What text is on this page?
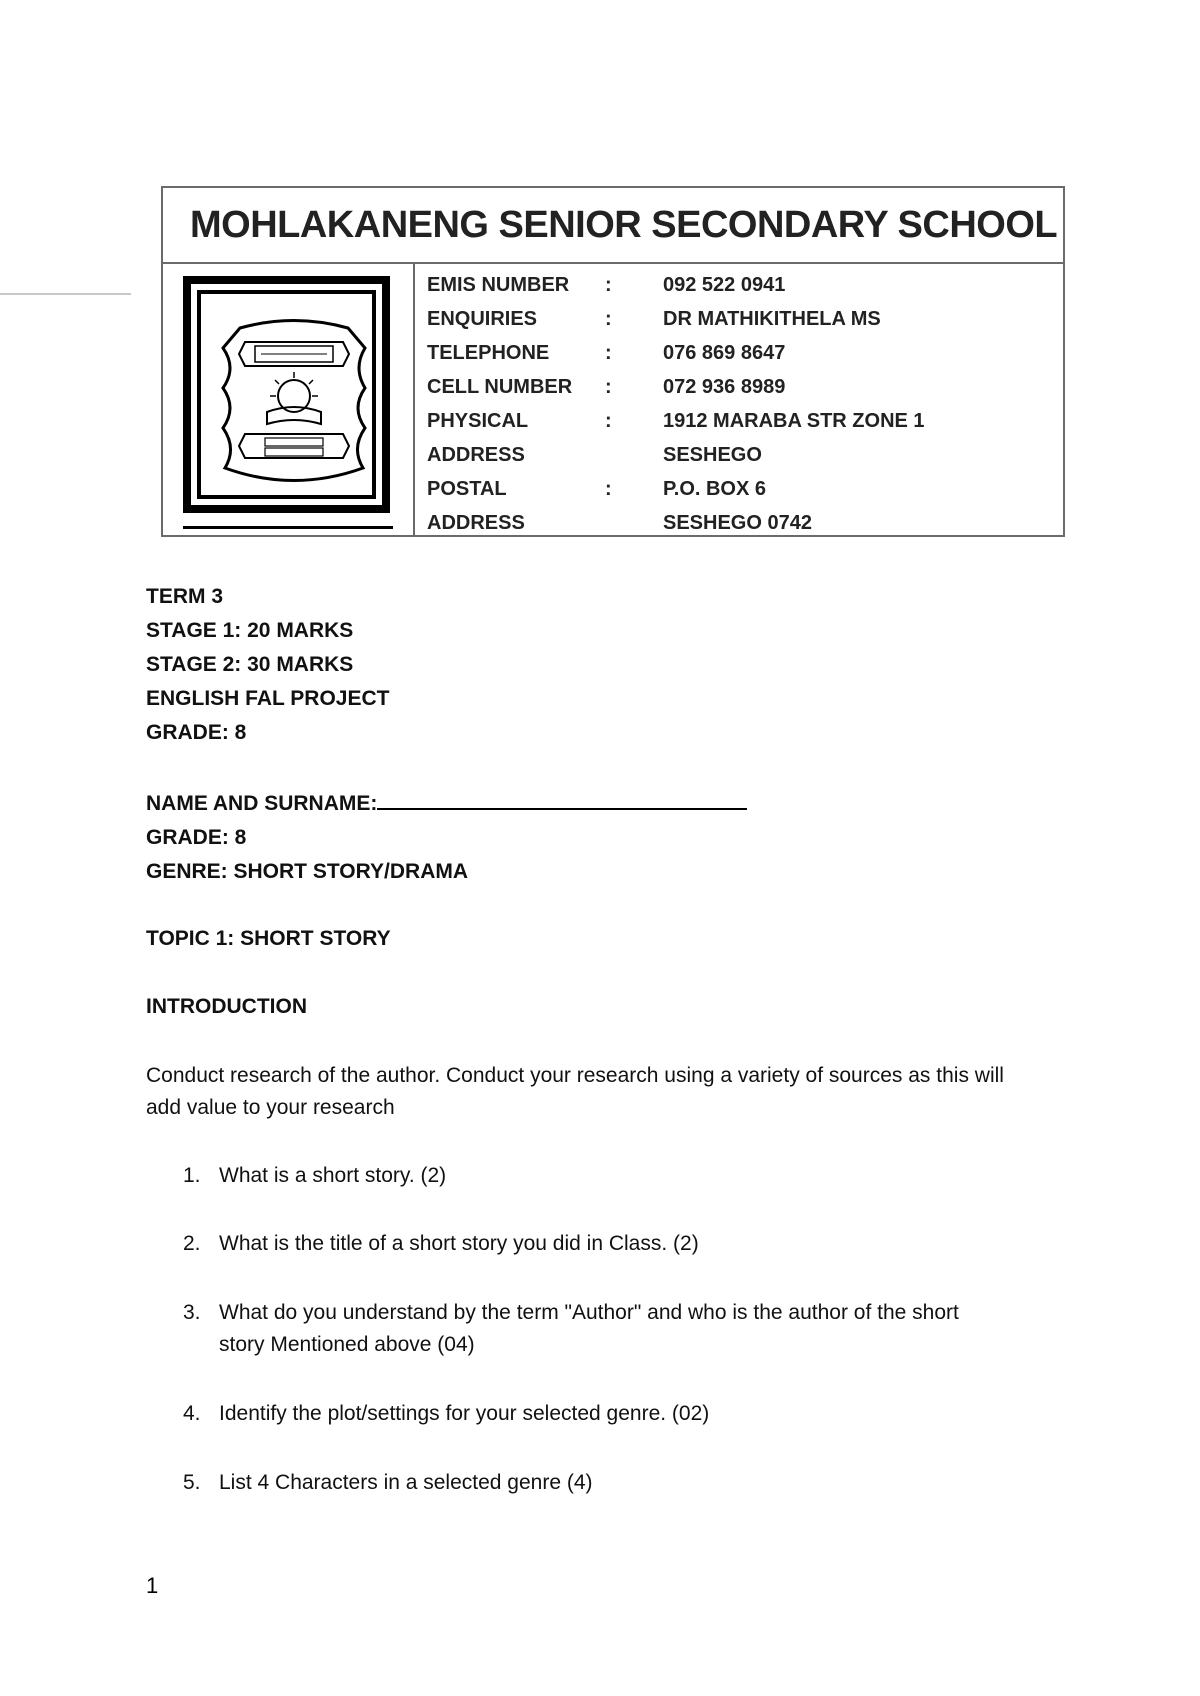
MOHLAKANENG SENIOR SECONDARY SCHOOL
EMIS NUMBER :	092 522 0941
ENQUIRIES	:	DR MATHIKITHELA MS
TELEPHONE	:	076 869 8647
CELL NUMBER :	072 936 8989
PHYSICAL	:	1912 MARABA STR ZONE 1
ADDRESS	SESHEGO
POSTAL	:	P.O. BOX 6
ADDRESS	SESHEGO 0742
TERM 3
STAGE 1: 20 MARKS
STAGE 2: 30 MARKS
ENGLISH FAL PROJECT
GRADE: 8
NAME AND SURNAME:
GRADE: 8
GENRE: SHORT STORY/DRAMA
TOPIC 1: SHORT STORY
INTRODUCTION
Conduct research of the author. Conduct your research using a variety of sources as this will add value to your research
1. What is a short story. (2)
2. What is the title of a short story you did in Class. (2)
3. What do you understand by the term "Author" and who is the author of the short story Mentioned above (04)
4. Identify the plot/settings for your selected genre. (02)
5. List 4 Characters in a selected genre (4)
1
